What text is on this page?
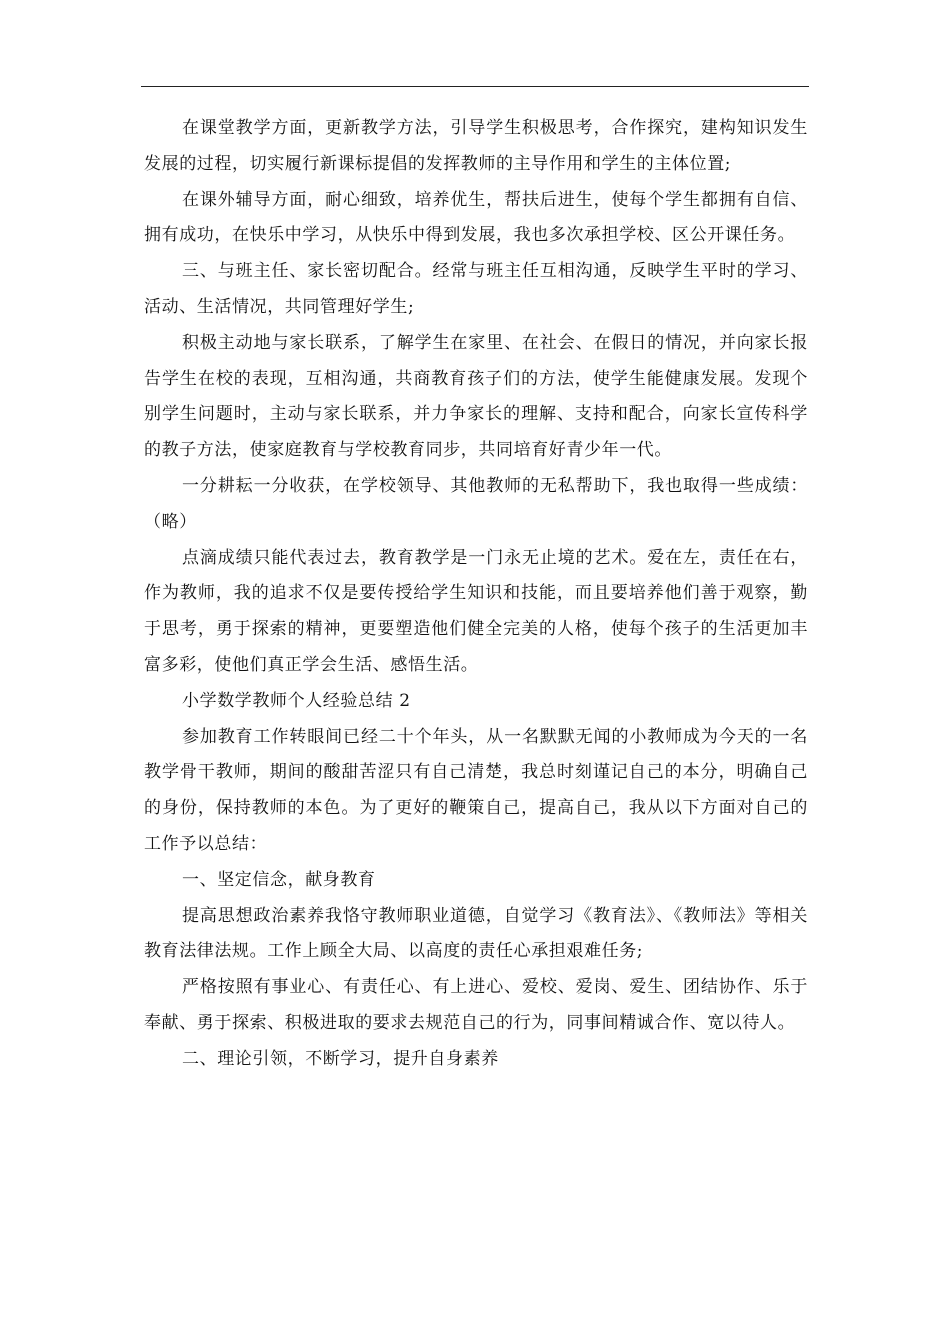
在课堂教学方面，更新教学方法，引导学生积极思考，合作探究，建构知识发生发展的过程，切实履行新课标提倡的发挥教师的主导作用和学生的主体位置;

在课外辅导方面，耐心细致，培养优生，帮扶后进生，使每个学生都拥有自信、拥有成功，在快乐中学习，从快乐中得到发展，我也多次承担学校、区公开课任务。

三、与班主任、家长密切配合。经常与班主任互相沟通，反映学生平时的学习、活动、生活情况，共同管理好学生;

积极主动地与家长联系，了解学生在家里、在社会、在假日的情况，并向家长报告学生在校的表现，互相沟通，共商教育孩子们的方法，使学生能健康发展。发现个别学生问题时，主动与家长联系，并力争家长的理解、支持和配合，向家长宣传科学的教子方法，使家庭教育与学校教育同步，共同培育好青少年一代。

一分耕耘一分收获，在学校领导、其他教师的无私帮助下，我也取得一些成绩：（略）

点滴成绩只能代表过去，教育教学是一门永无止境的艺术。爱在左，责任在右，作为教师，我的追求不仅是要传授给学生知识和技能，而且要培养他们善于观察，勤于思考，勇于探索的精神，更要塑造他们健全完美的人格，使每个孩子的生活更加丰富多彩，使他们真正学会生活、感悟生活。

小学数学教师个人经验总结 2

参加教育工作转眼间已经二十个年头，从一名默默无闻的小教师成为今天的一名教学骨干教师，期间的酸甜苦涩只有自己清楚，我总时刻谨记自己的本分，明确自己的身份，保持教师的本色。为了更好的鞭策自己，提高自己，我从以下方面对自己的工作予以总结：

一、坚定信念，献身教育

提高思想政治素养我恪守教师职业道德，自觉学习《教育法》、《教师法》等相关教育法律法规。工作上顾全大局、以高度的责任心承担艰难任务;

严格按照有事业心、有责任心、有上进心、爱校、爱岗、爱生、团结协作、乐于奉献、勇于探索、积极进取的要求去规范自己的行为，同事间精诚合作、宽以待人。

二、理论引领，不断学习，提升自身素养
